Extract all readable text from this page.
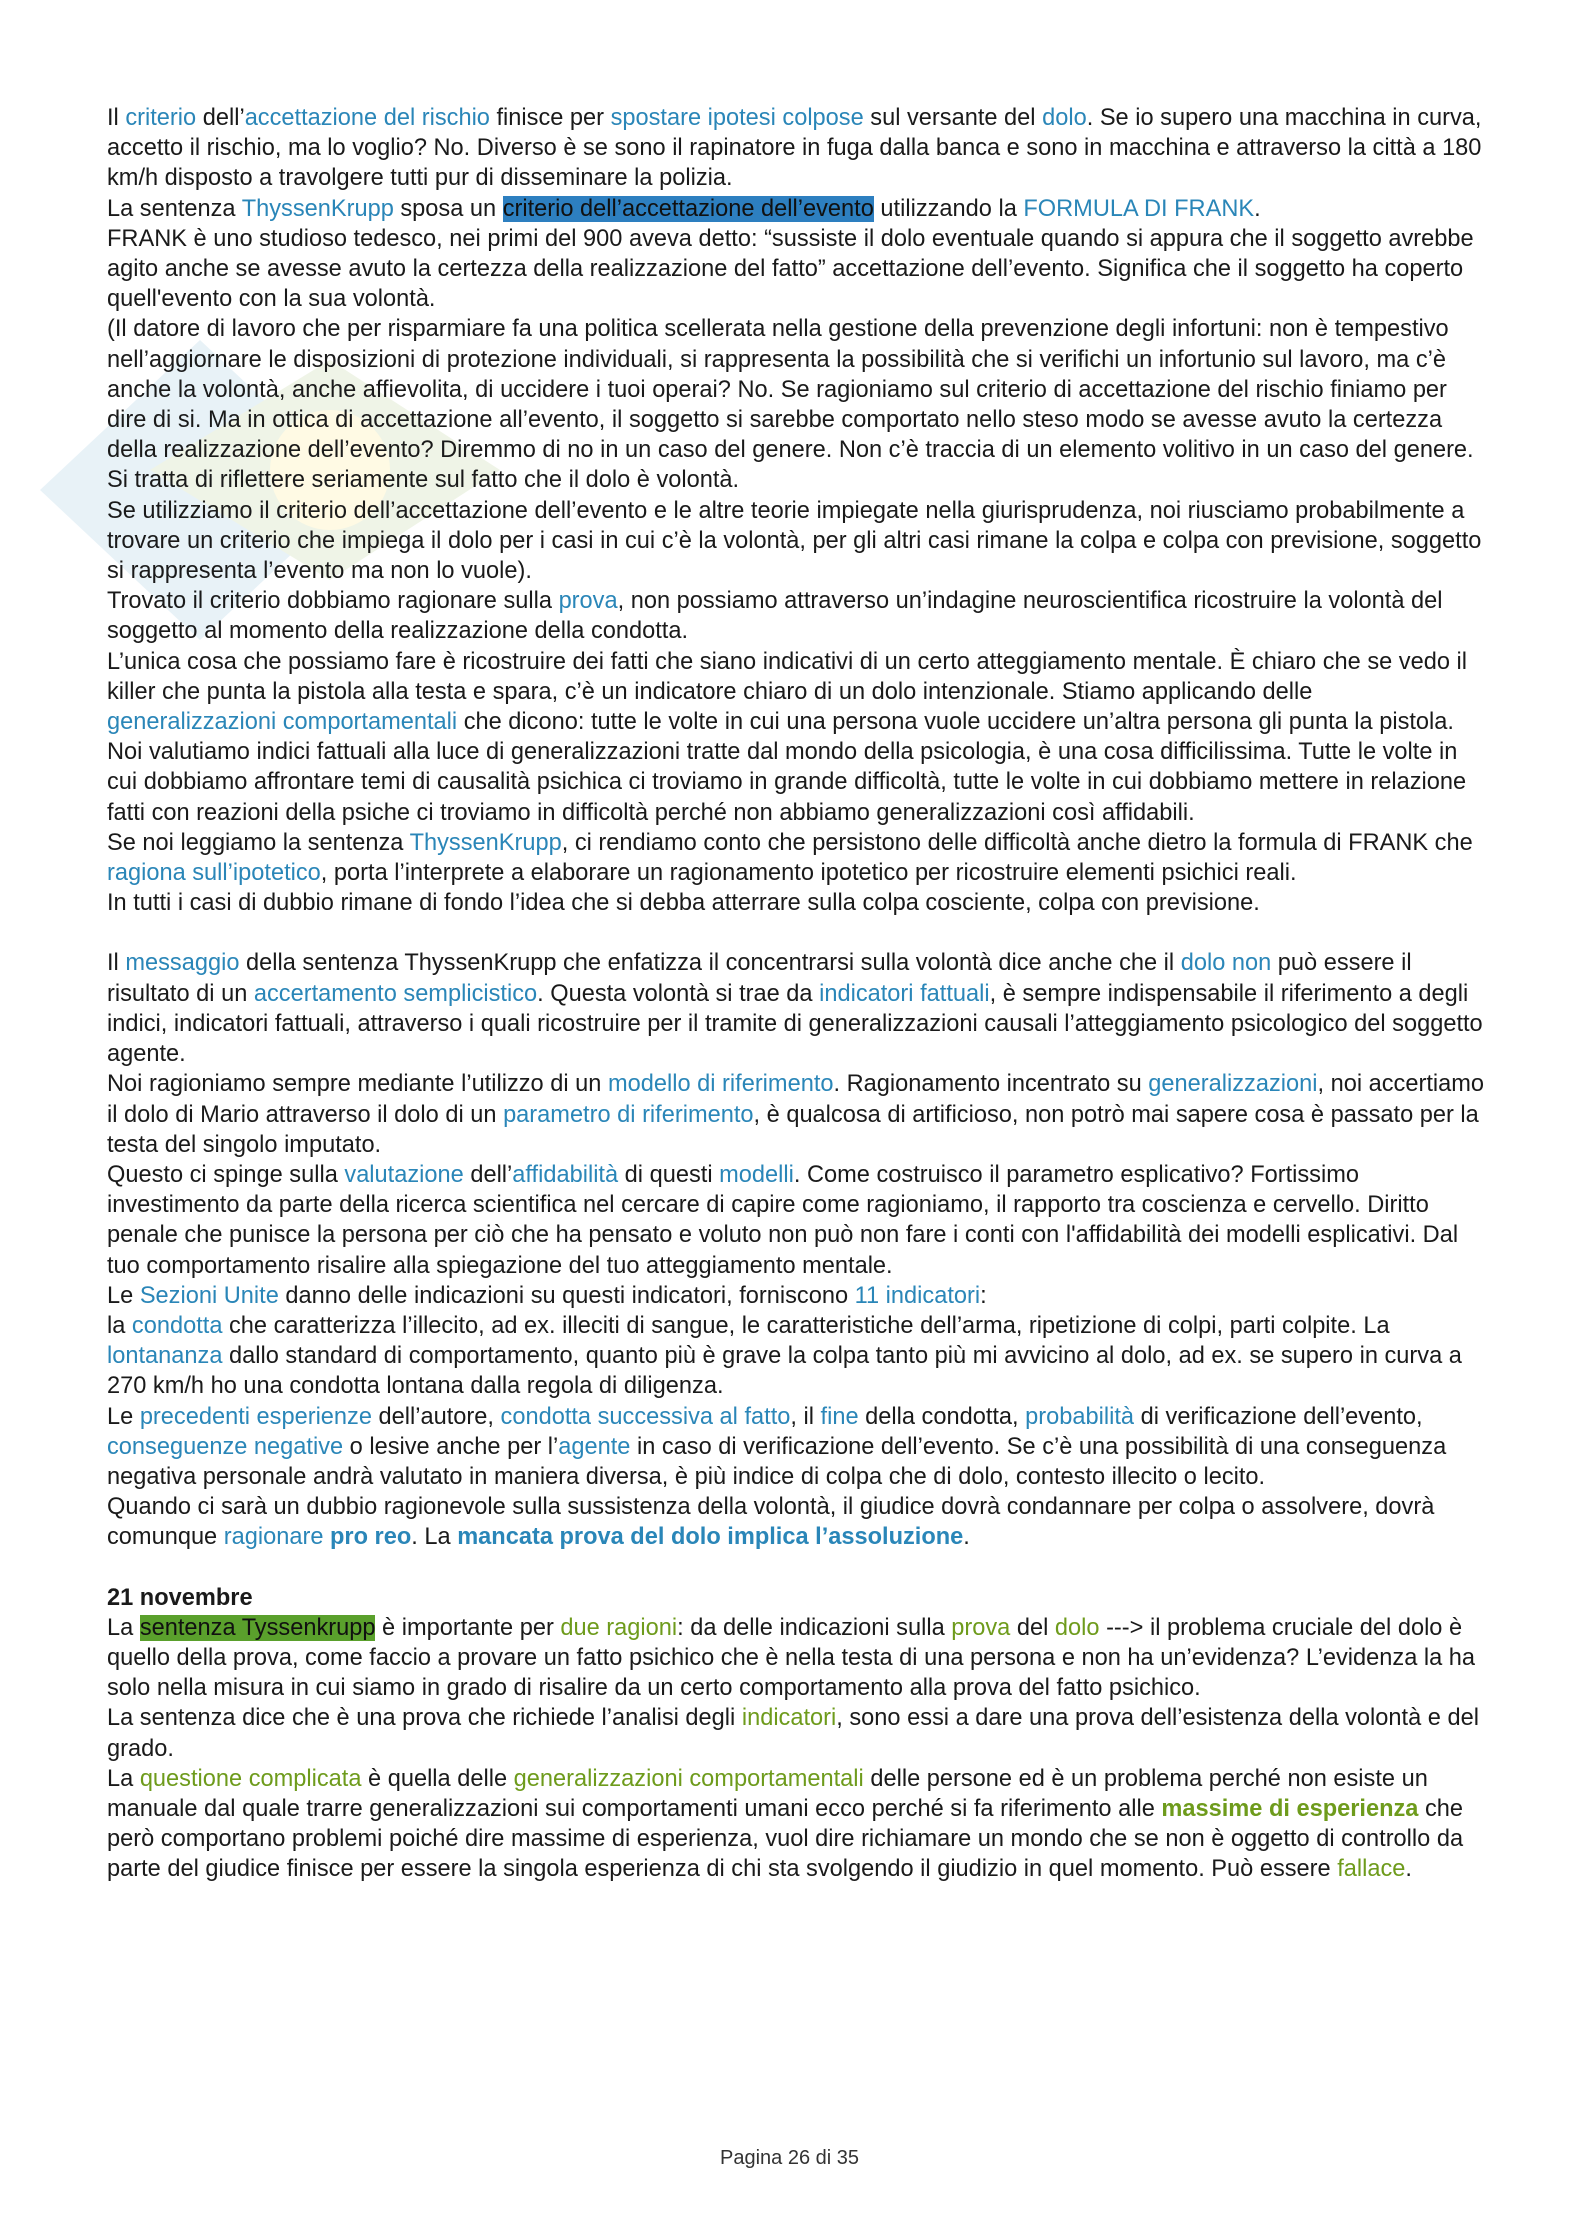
Il criterio dell’accettazione del rischio finisce per spostare ipotesi colpose sul versante del dolo. Se io supero una macchina in curva, accetto il rischio, ma lo voglio? No. Diverso è se sono il rapinatore in fuga dalla banca e sono in macchina e attraverso la città a 180 km/h disposto a travolgere tutti pur di disseminare la polizia.

La sentenza ThyssenKrupp sposa un criterio dell’accettazione dell’evento utilizzando la FORMULA DI FRANK.

FRANK è uno studioso tedesco, nei primi del 900 aveva detto: “sussiste il dolo eventuale quando si appura che il soggetto avrebbe agito anche se avesse avuto la certezza della realizzazione del fatto” accettazione dell’evento. Significa che il soggetto ha coperto quell'evento con la sua volontà.

(Il datore di lavoro che per risparmiare fa una politica scellerata nella gestione della prevenzione degli infortuni: non è tempestivo nell’aggiornare le disposizioni di protezione individuali, si rappresenta la possibilità che si verifichi un infortunio sul lavoro, ma c’è anche la volontà, anche affievolita, di uccidere i tuoi operai? No. Se ragioniamo sul criterio di accettazione del rischio finiamo per dire di si. Ma in ottica di accettazione all’evento, il soggetto si sarebbe comportato nello steso modo se avesse avuto la certezza della realizzazione dell’evento? Diremmo di no in un caso del genere. Non c’è traccia di un elemento volitivo in un caso del genere. Si tratta di riflettere seriamente sul fatto che il dolo è volontà.

Se utilizziamo il criterio dell’accettazione dell’evento e le altre teorie impiegate nella giurisprudenza, noi riusciamo probabilmente a trovare un criterio che impiega il dolo per i casi in cui c’è la volontà, per gli altri casi rimane la colpa e colpa con previsione, soggetto si rappresenta l’evento ma non lo vuole).

Trovato il criterio dobbiamo ragionare sulla prova, non possiamo attraverso un’indagine neuroscientifica ricostruire la volontà del soggetto al momento della realizzazione della condotta.

L’unica cosa che possiamo fare è ricostruire dei fatti che siano indicativi di un certo atteggiamento mentale. È chiaro che se vedo il killer che punta la pistola alla testa e spara, c’è un indicatore chiaro di un dolo intenzionale. Stiamo applicando delle generalizzazioni comportamentali che dicono: tutte le volte in cui una persona vuole uccidere un’altra persona gli punta la pistola. Noi valutiamo indici fattuali alla luce di generalizzazioni tratte dal mondo della psicologia, è una cosa difficilissima. Tutte le volte in cui dobbiamo affrontare temi di causalità psichica ci troviamo in grande difficoltà, tutte le volte in cui dobbiamo mettere in relazione fatti con reazioni della psiche ci troviamo in difficoltà perché non abbiamo generalizzazioni così affidabili.

Se noi leggiamo la sentenza ThyssenKrupp, ci rendiamo conto che persistono delle difficoltà anche dietro la formula di FRANK che ragiona sull’ipotetico, porta l’interprete a elaborare un ragionamento ipotetico per ricostruire elementi psichici reali.

In tutti i casi di dubbio rimane di fondo l’idea che si debba atterrare sulla colpa cosciente, colpa con previsione.

Il messaggio della sentenza ThyssenKrupp che enfatizza il concentrarsi sulla volontà dice anche che il dolo non può essere il risultato di un accertamento semplicistico. Questa volontà si trae da indicatori fattuali, è sempre indispensabile il riferimento a degli indici, indicatori fattuali, attraverso i quali ricostruire per il tramite di generalizzazioni causali l’atteggiamento psicologico del soggetto agente.

Noi ragioniamo sempre mediante l’utilizzo di un modello di riferimento. Ragionamento incentrato su generalizzazioni, noi accertiamo il dolo di Mario attraverso il dolo di un parametro di riferimento, è qualcosa di artificioso, non potrò mai sapere cosa è passato per la testa del singolo imputato.

Questo ci spinge sulla valutazione dell’affidabilità di questi modelli. Come costruisco il parametro esplicativo? Fortissimo investimento da parte della ricerca scientifica nel cercare di capire come ragioniamo, il rapporto tra coscienza e cervello. Diritto penale che punisce la persona per ciò che ha pensato e voluto non può non fare i conti con l'affidabilità dei modelli esplicativi. Dal tuo comportamento risalire alla spiegazione del tuo atteggiamento mentale.

Le Sezioni Unite danno delle indicazioni su questi indicatori, forniscono 11 indicatori:

la condotta che caratterizza l’illecito, ad ex. illeciti di sangue, le caratteristiche dell’arma, ripetizione di colpi, parti colpite. La lontananza dallo standard di comportamento, quanto più è grave la colpa tanto più mi avvicino al dolo, ad ex. se supero in curva a 270 km/h ho una condotta lontana dalla regola di diligenza.

Le precedenti esperienze dell’autore, condotta successiva al fatto, il fine della condotta, probabilità di verificazione dell’evento, conseguenze negative o lesive anche per l’agente in caso di verificazione dell’evento. Se c’è una possibilità di una conseguenza negativa personale andrà valutato in maniera diversa, è più indice di colpa che di dolo, contesto illecito o lecito.

Quando ci sarà un dubbio ragionevole sulla sussistenza della volontà, il giudice dovrà condannare per colpa o assolvere, dovrà comunque ragionare pro reo. La mancata prova del dolo implica l’assoluzione.

21 novembre

La sentenza Tyssenkrupp è importante per due ragioni: da delle indicazioni sulla prova del dolo ---> il problema cruciale del dolo è quello della prova, come faccio a provare un fatto psichico che è nella testa di una persona e non ha un’evidenza? L’evidenza la ha solo nella misura in cui siamo in grado di risalire da un certo comportamento alla prova del fatto psichico.

La sentenza dice che è una prova che richiede l’analisi degli indicatori, sono essi a dare una prova dell’esistenza della volontà e del grado.

La questione complicata è quella delle generalizzazioni comportamentali delle persone ed è un problema perché non esiste un manuale dal quale trarre generalizzazioni sui comportamenti umani ecco perché si fa riferimento alle massime di esperienza che però comportano problemi poiché dire massime di esperienza, vuol dire richiamare un mondo che se non è oggetto di controllo da parte del giudice finisce per essere la singola esperienza di chi sta svolgendo il giudizio in quel momento. Può essere fallace.

Pagina 26 di 35
